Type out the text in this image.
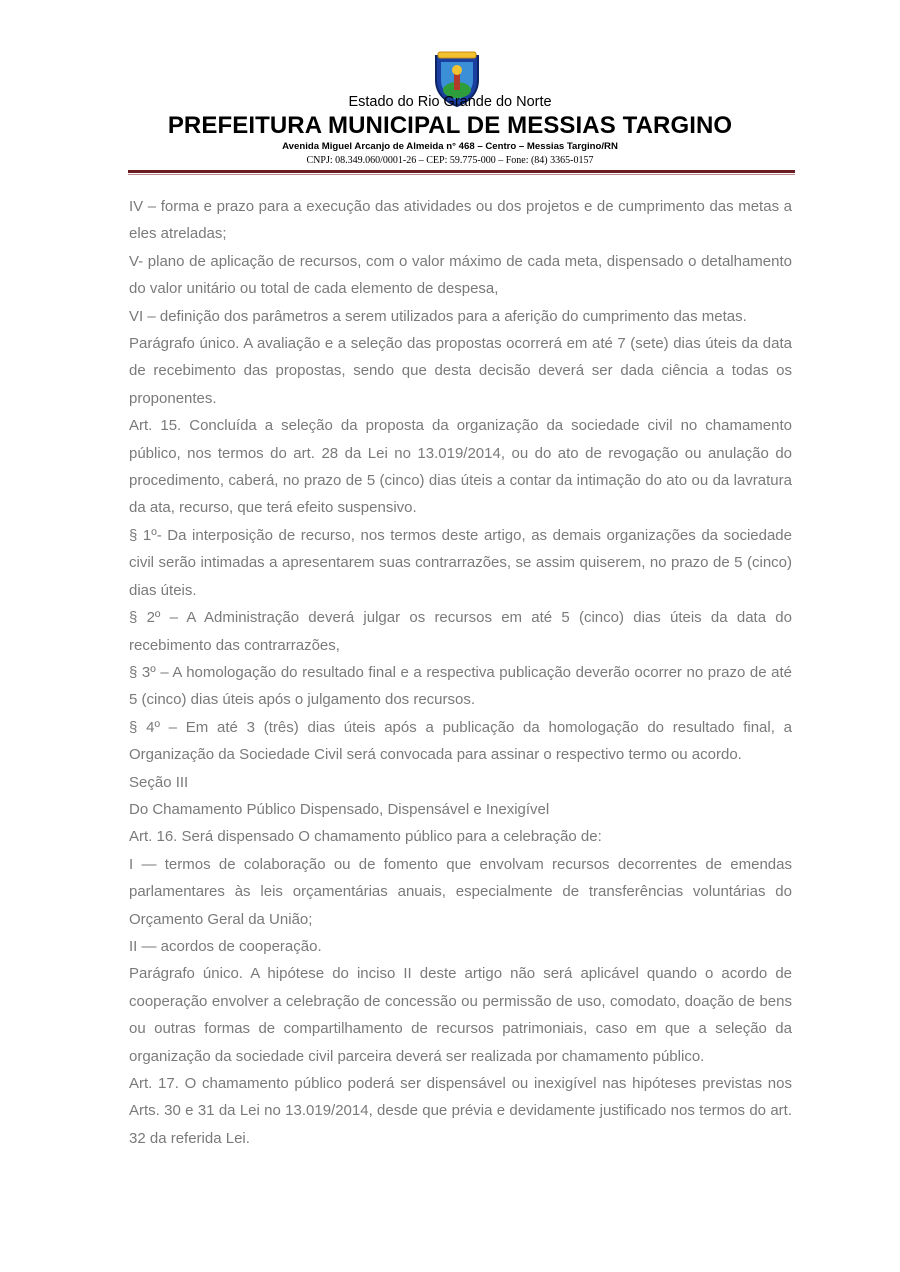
Estado do Rio Grande do Norte
PREFEITURA MUNICIPAL DE MESSIAS TARGINO
Avenida Miguel Arcanjo de Almeida n° 468 – Centro – Messias Targino/RN
CNPJ: 08.349.060/0001-26 – CEP: 59.775-000 – Fone: (84) 3365-0157

IV – forma e prazo para a execução das atividades ou dos projetos e de cumprimento das metas a eles atreladas;

V- plano de aplicação de recursos, com o valor máximo de cada meta, dispensado o detalhamento do valor unitário ou total de cada elemento de despesa,

VI – definição dos parâmetros a serem utilizados para a aferição do cumprimento das metas.

Parágrafo único. A avaliação e a seleção das propostas ocorrerá em até 7 (sete) dias úteis da data de recebimento das propostas, sendo que desta decisão deverá ser dada ciência a todas os proponentes.

Art. 15. Concluída a seleção da proposta da organização da sociedade civil no chamamento público, nos termos do art. 28 da Lei no 13.019/2014, ou do ato de revogação ou anulação do procedimento, caberá, no prazo de 5 (cinco) dias úteis a contar da intimação do ato ou da lavratura da ata, recurso, que terá efeito suspensivo.

§ 1º- Da interposição de recurso, nos termos deste artigo, as demais organizações da sociedade civil serão intimadas a apresentarem suas contrarrazões, se assim quiserem, no prazo de 5 (cinco) dias úteis.

§ 2º – A Administração deverá julgar os recursos em até 5 (cinco) dias úteis da data do recebimento das contrarrazões,

§ 3º – A homologação do resultado final e a respectiva publicação deverão ocorrer no prazo de até 5 (cinco) dias úteis após o julgamento dos recursos.

§ 4º – Em até 3 (três) dias úteis após a publicação da homologação do resultado final, a Organização da Sociedade Civil será convocada para assinar o respectivo termo ou acordo.

Seção III

Do Chamamento Público Dispensado, Dispensável e Inexigível

Art. 16. Será dispensado O chamamento público para a celebração de:

I — termos de colaboração ou de fomento que envolvam recursos decorrentes de emendas parlamentares às leis orçamentárias anuais, especialmente de transferências voluntárias do Orçamento Geral da União;

II — acordos de cooperação.

Parágrafo único. A hipótese do inciso II deste artigo não será aplicável quando o acordo de cooperação envolver a celebração de concessão ou permissão de uso, comodato, doação de bens ou outras formas de compartilhamento de recursos patrimoniais, caso em que a seleção da organização da sociedade civil parceira deverá ser realizada por chamamento público.

Art. 17. O chamamento público poderá ser dispensável ou inexigível nas hipóteses previstas nos Arts. 30 e 31 da Lei no 13.019/2014, desde que prévia e devidamente justificado nos termos do art. 32 da referida Lei.
